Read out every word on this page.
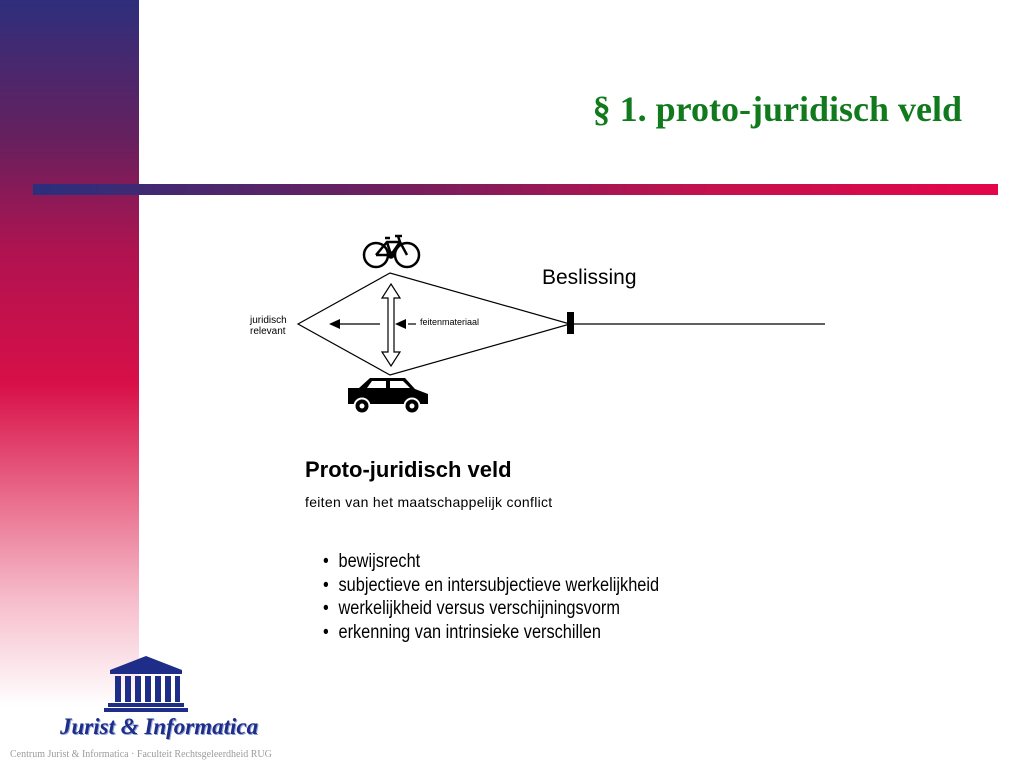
§ 1. proto-juridisch veld
juridisch
relevant
feitenmateriaal
Beslissing
Proto-juridisch veld
feiten van het maatschappelijk conflict
• bewijsrecht
• subjectieve en intersubjectieve werkelijkheid
• werkelijkheid versus verschijningsvorm
• erkenning van intrinsieke verschillen
Jurist & Informatica
Centrum Jurist & Informatica · Faculteit Rechtsgeleerdheid RUG
